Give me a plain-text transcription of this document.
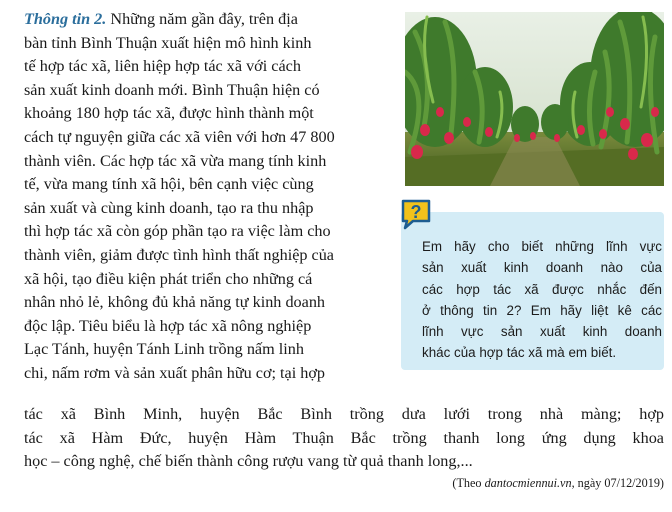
Thông tin 2. Những năm gần đây, trên địa
bàn tỉnh Bình Thuận xuất hiện mô hình kinh
tế hợp tác xã, liên hiệp hợp tác xã với cách
sản xuất kinh doanh mới. Bình Thuận hiện có
khoảng 180 hợp tác xã, được hình thành một
cách tự nguyện giữa các xã viên với hơn 47 800
thành viên. Các hợp tác xã vừa mang tính kinh
tế, vừa mang tính xã hội, bên cạnh việc cùng
sản xuất và cùng kinh doanh, tạo ra thu nhập
thì hợp tác xã còn góp phần tạo ra việc làm cho
thành viên, giảm được tình hình thất nghiệp của
xã hội, tạo điều kiện phát triển cho những cá
nhân nhỏ lẻ, không đủ khả năng tự kinh doanh
độc lập. Tiêu biểu là hợp tác xã nông nghiệp
Lạc Tánh, huyện Tánh Linh trồng nấm linh
chi, nấm rơm và sản xuất phân hữu cơ; tại hợp
tác xã Bình Minh, huyện Bắc Bình trồng dưa lưới trong nhà màng; hợp
tác xã Hàm Đức, huyện Hàm Thuận Bắc trồng thanh long ứng dụng khoa
học – công nghệ, chế biến thành công rượu vang từ quả thanh long,...
?
Em hãy cho biết những lĩnh vực
sản xuất kinh doanh nào của
các hợp tác xã được nhắc đến
ở thông tin 2? Em hãy liệt kê các
lĩnh vực sản xuất kinh doanh
khác của hợp tác xã mà em biết.
(Theo dantocmiennui.vn, ngày 07/12/2019)
